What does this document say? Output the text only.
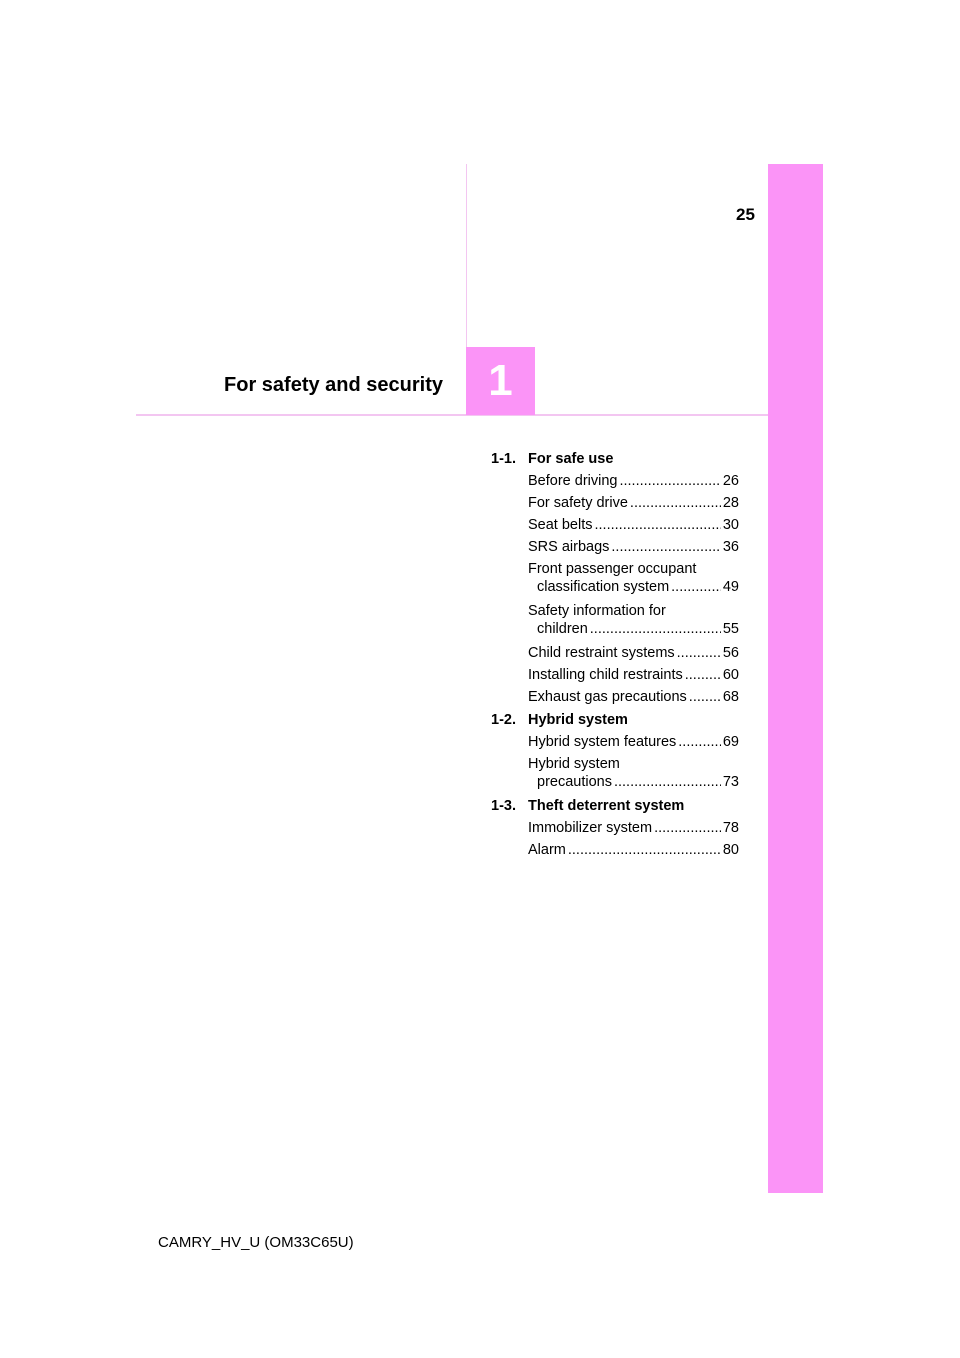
25
1
For safety and security
1-1. For safe use
Before driving .....	26
For safety drive .....	28
Seat belts .....	30
SRS airbags .....	36
Front passenger occupant
classification system .....	49
Safety information for
children .....	55
Child restraint systems .....	56
Installing child restraints .....	60
Exhaust gas precautions ..... 68
1-2. Hybrid system
Hybrid system features .....	69
Hybrid system
precautions .....	73
1-3. Theft deterrent system
Immobilizer system .....	78
Alarm .....	80
CAMRY_HV_U (OM33C65U)
